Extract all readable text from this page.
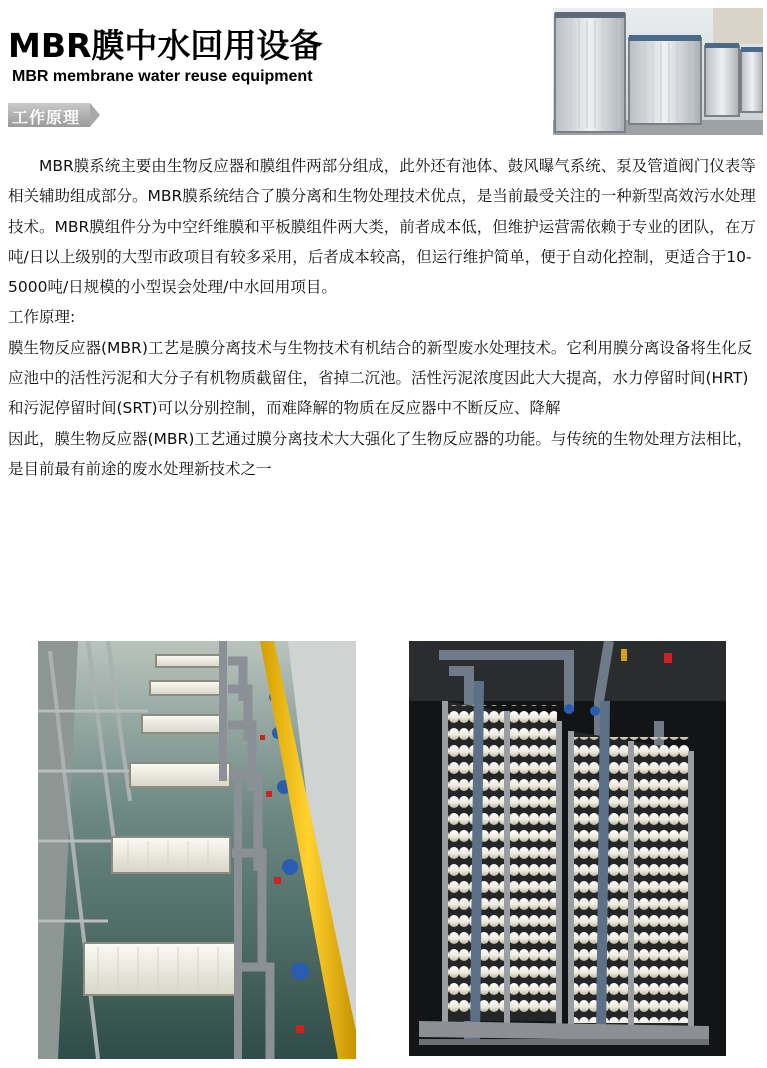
MBR膜中水回用设备
MBR membrane water reuse equipment
工作原理

MBR膜系统主要由生物反应器和膜组件两部分组成，此外还有池体、鼓风曝气系统、泵及管道阀门仪表等相关辅助组成部分。MBR膜系统结合了膜分离和生物处理技术优点，是当前最受关注的一种新型高效污水处理技术。MBR膜组件分为中空纤维膜和平板膜组件两大类，前者成本低，但维护运营需依赖于专业的团队，在万吨/日以上级别的大型市政项目有较多采用，后者成本较高，但运行维护简单，便于自动化控制，更适合于10-5000吨/日规模的小型误会处理/中水回用项目。

工作原理:

膜生物反应器(MBR)工艺是膜分离技术与生物技术有机结合的新型废水处理技术。它利用膜分离设备将生化反应池中的活性污泥和大分子有机物质截留住，省掉二沉池。活性污泥浓度因此大大提高，水力停留时间(HRT)和污泥停留时间(SRT)可以分别控制，而难降解的物质在反应器中不断反应、降解

因此，膜生物反应器(MBR)工艺通过膜分离技术大大强化了生物反应器的功能。与传统的生物处理方法相比，是目前最有前途的废水处理新技术之一
